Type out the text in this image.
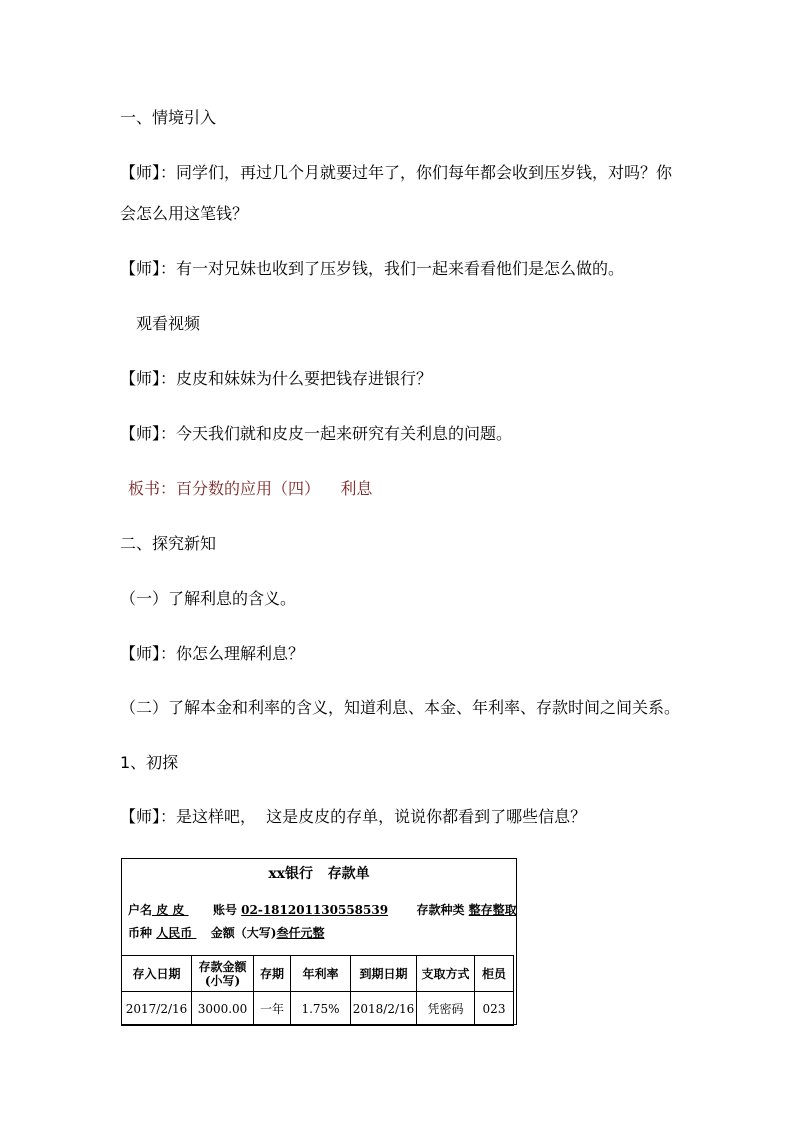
一、情境引入
【师】：同学们，再过几个月就要过年了，你们每年都会收到压岁钱，对吗？你
会怎么用这笔钱？
【师】：有一对兄妹也收到了压岁钱，我们一起来看看他们是怎么做的。
观看视频
【师】：皮皮和妹妹为什么要把钱存进银行？
【师】：今天我们就和皮皮一起来研究有关利息的问题。
板书：百分数的应用（四）    利息
二、探究新知
（一）了解利息的含义。
【师】：你怎么理解利息？
（二）了解本金和利率的含义，知道利息、本金、年利率、存款时间之间关系。
1、初探
【师】：是这样吧，  这是皮皮的存单，说说你都看到了哪些信息？
xx银行   存款单
户名 皮 皮   账号 02-181201130558539 存款种类 整存整取
币种 人民币   金额（大写)叁仟元整
存入日期	存款金额(小写)	存期	年利率	到期日期	支取方式	柜员
2017/2/16	3000.00	一年	1.75%	2018/2/16	凭密码	023
